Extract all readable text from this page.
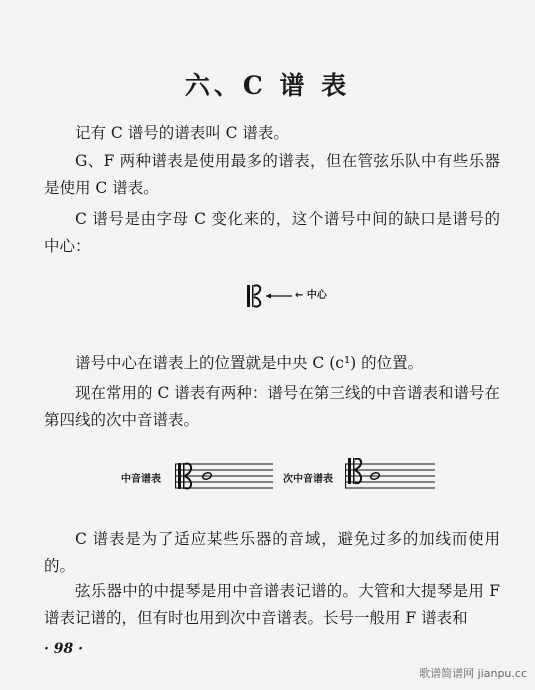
六、C 谱 表
记有 C 谱号的谱表叫 C 谱表。
G、F 两种谱表是使用最多的谱表，但在管弦乐队中有些乐器是使用 C 谱表。
C 谱号是由字母 C 变化来的，这个谱号中间的缺口是谱号的中心：
← 中心
谱号中心在谱表上的位置就是中央 C (c¹) 的位置。
现在常用的 C 谱表有两种：谱号在第三线的中音谱表和谱号在第四线的次中音谱表。
中音谱表	次中音谱表
C 谱表是为了适应某些乐器的音域，避免过多的加线而使用的。
弦乐器中的中提琴是用中音谱表记谱的。大管和大提琴是用 F 谱表记谱的，但有时也用到次中音谱表。长号一般用 F 谱表和
· 98 ·
歌谱简谱网 jianpu.cc
